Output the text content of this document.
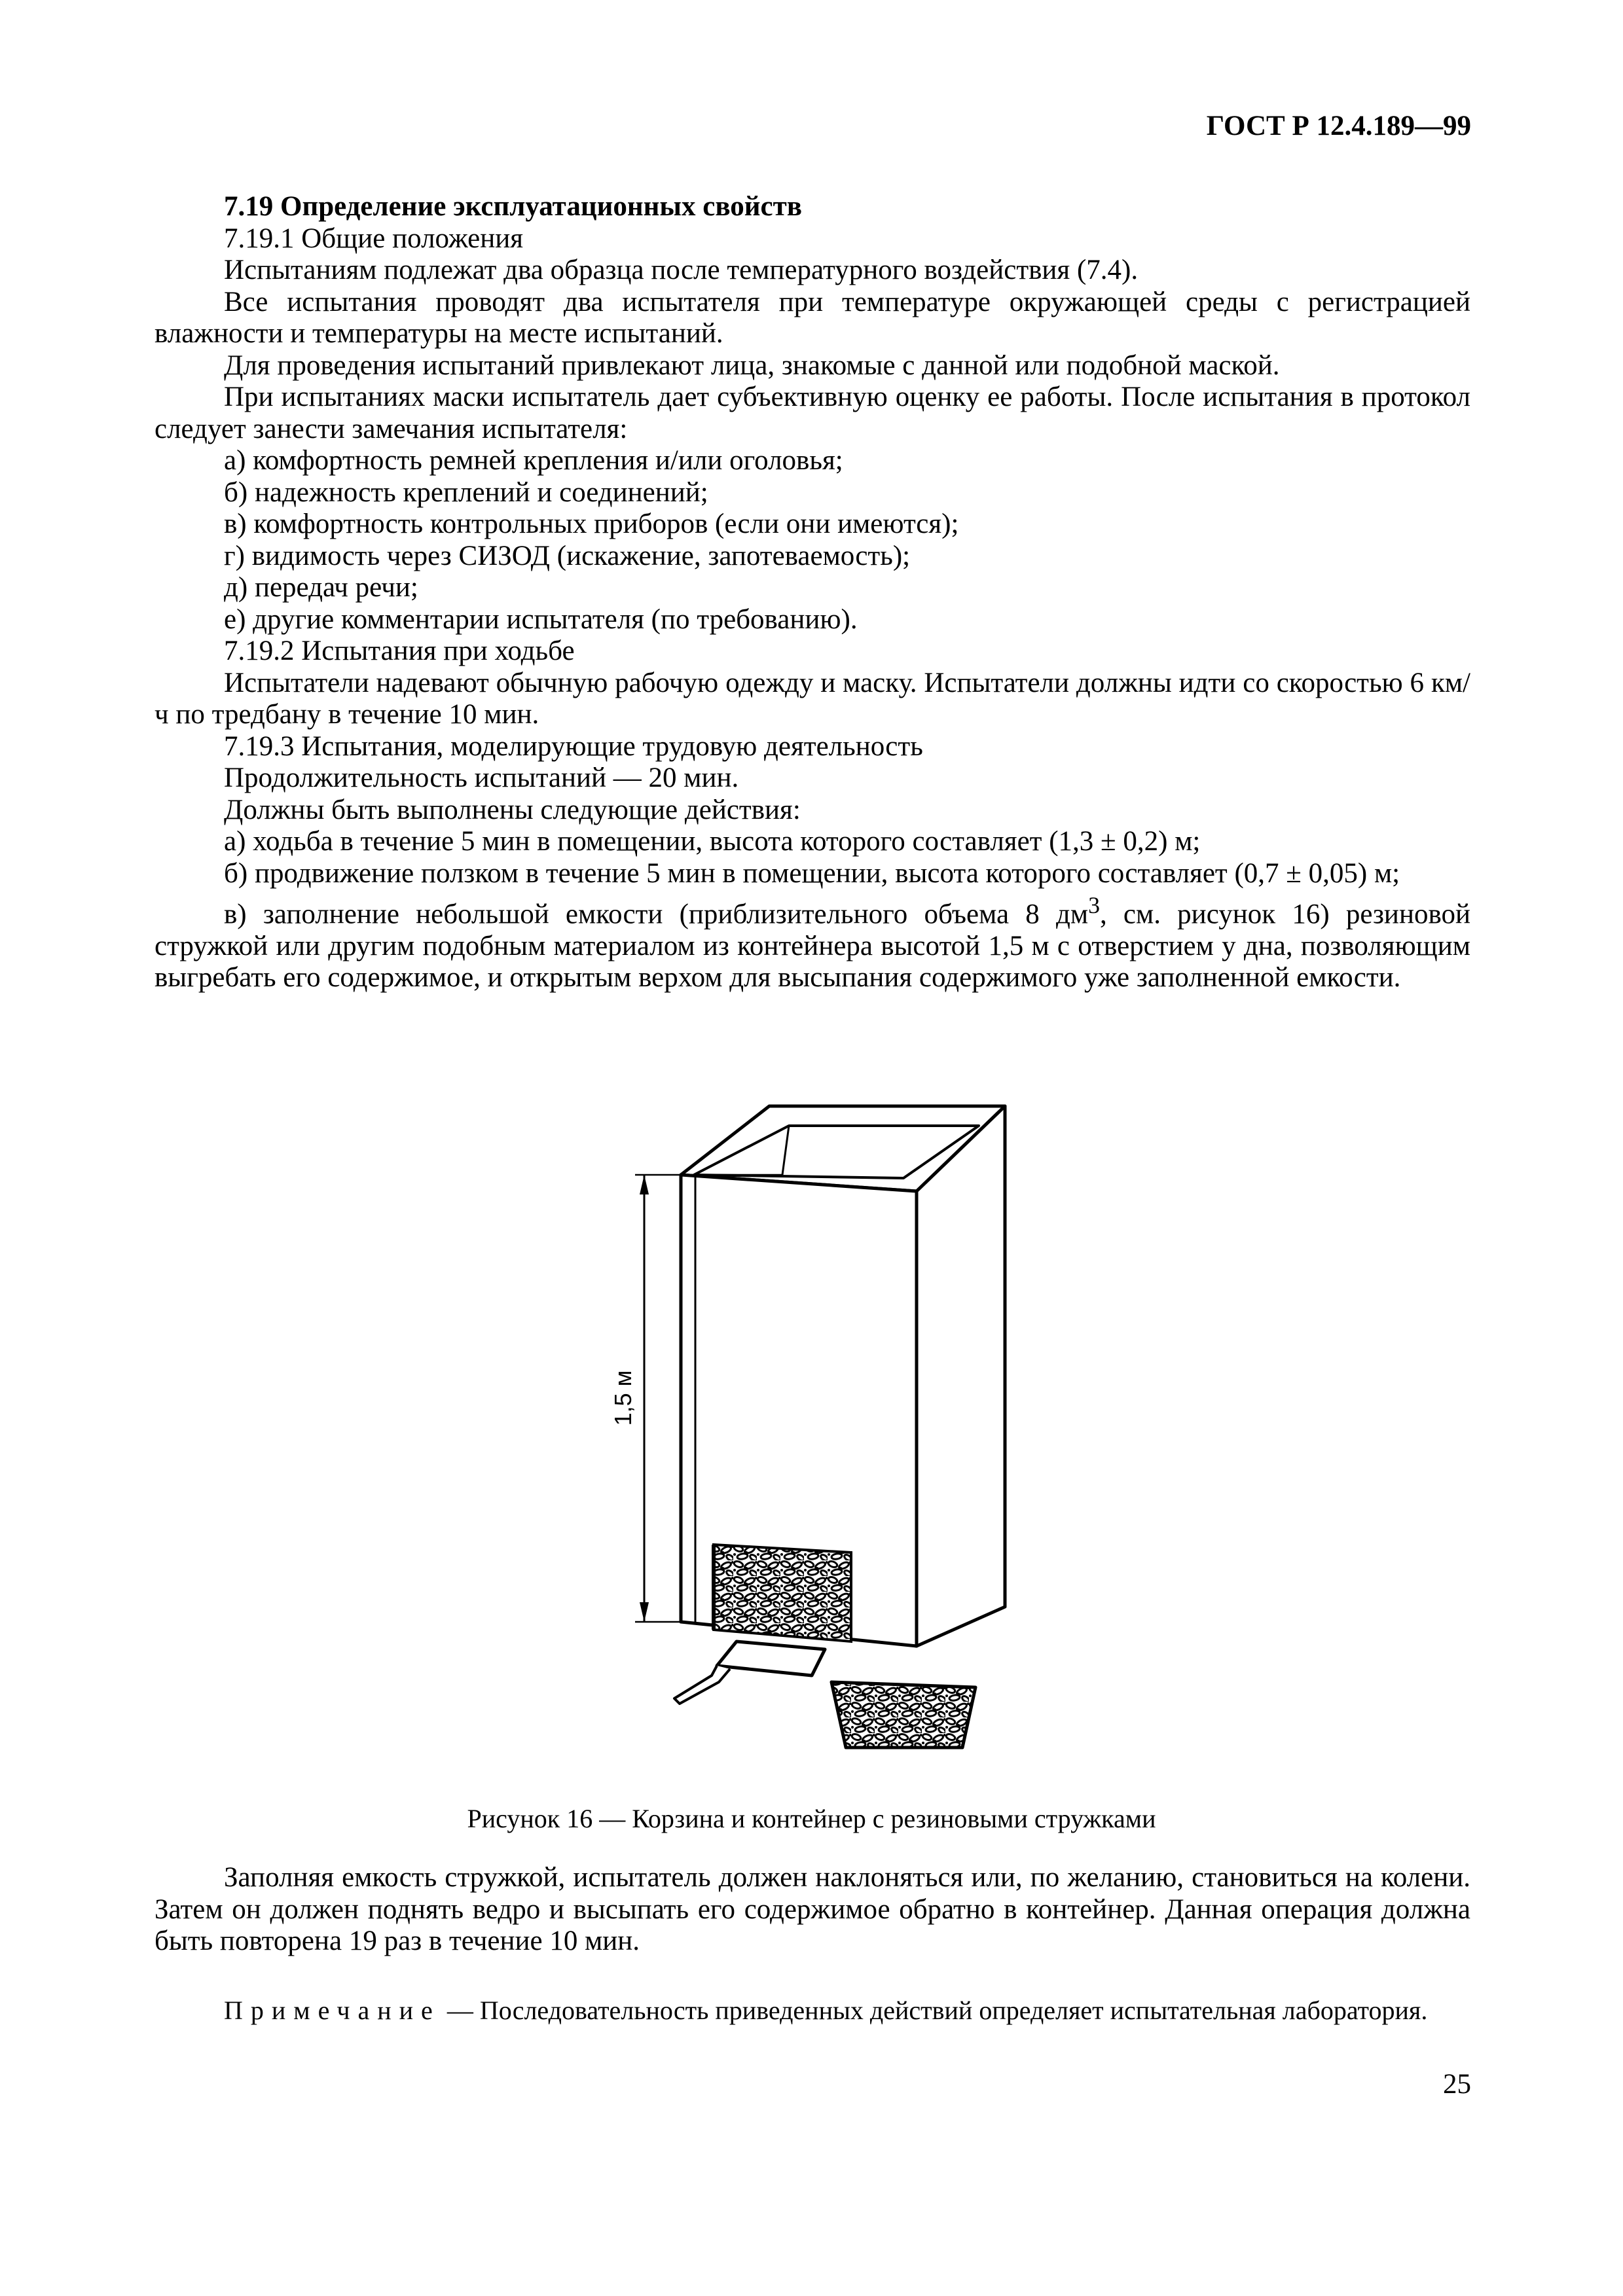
ГОСТ Р 12.4.189—99

7.19 Определение эксплуатационных свойств

7.19.1 Общие положения

Испытаниям подлежат два образца после температурного воздействия (7.4).

Все испытания проводят два испытателя при температуре окружающей среды с регистрацией влажности и температуры на месте испытаний.

Для проведения испытаний привлекают лица, знакомые с данной или подобной маской.

При испытаниях маски испытатель дает субъективную оценку ее работы. После испытания в протокол следует занести замечания испытателя:

а) комфортность ремней крепления и/или оголовья;

б) надежность креплений и соединений;

в) комфортность контрольных приборов (если они имеются);

г) видимость через СИЗОД (искажение, запотеваемость);

д) передач речи;

е) другие комментарии испытателя (по требованию).

7.19.2 Испытания при ходьбе

Испытатели надевают обычную рабочую одежду и маску. Испытатели должны идти со скоростью 6 км/ч по тредбану в течение 10 мин.

7.19.3 Испытания, моделирующие трудовую деятельность

Продолжительность испытаний — 20 мин.

Должны быть выполнены следующие действия:

а) ходьба в течение 5 мин в помещении, высота которого составляет (1,3 ± 0,2) м;

б) продвижение ползком в течение 5 мин в помещении, высота которого составляет (0,7 ± 0,05) м;

в) заполнение небольшой емкости (приблизительного объема 8 $дм^3$, см. рисунок 16) резиновой стружкой или другим подобным материалом из контейнера высотой 1,5 м с отверстием у дна, позволяющим выгребать его содержимое, и открытым верхом для высыпания содержимого уже заполненной емкости.

1,5 м

Рисунок 16 — Корзина и контейнер с резиновыми стружками

Заполняя емкость стружкой, испытатель должен наклоняться или, по желанию, становиться на колени. Затем он должен поднять ведро и высыпать его содержимое обратно в контейнер. Данная операция должна быть повторена 19 раз в течение 10 мин.

Примечание — Последовательность приведенных действий определяет испытательная лаборатория.

25
